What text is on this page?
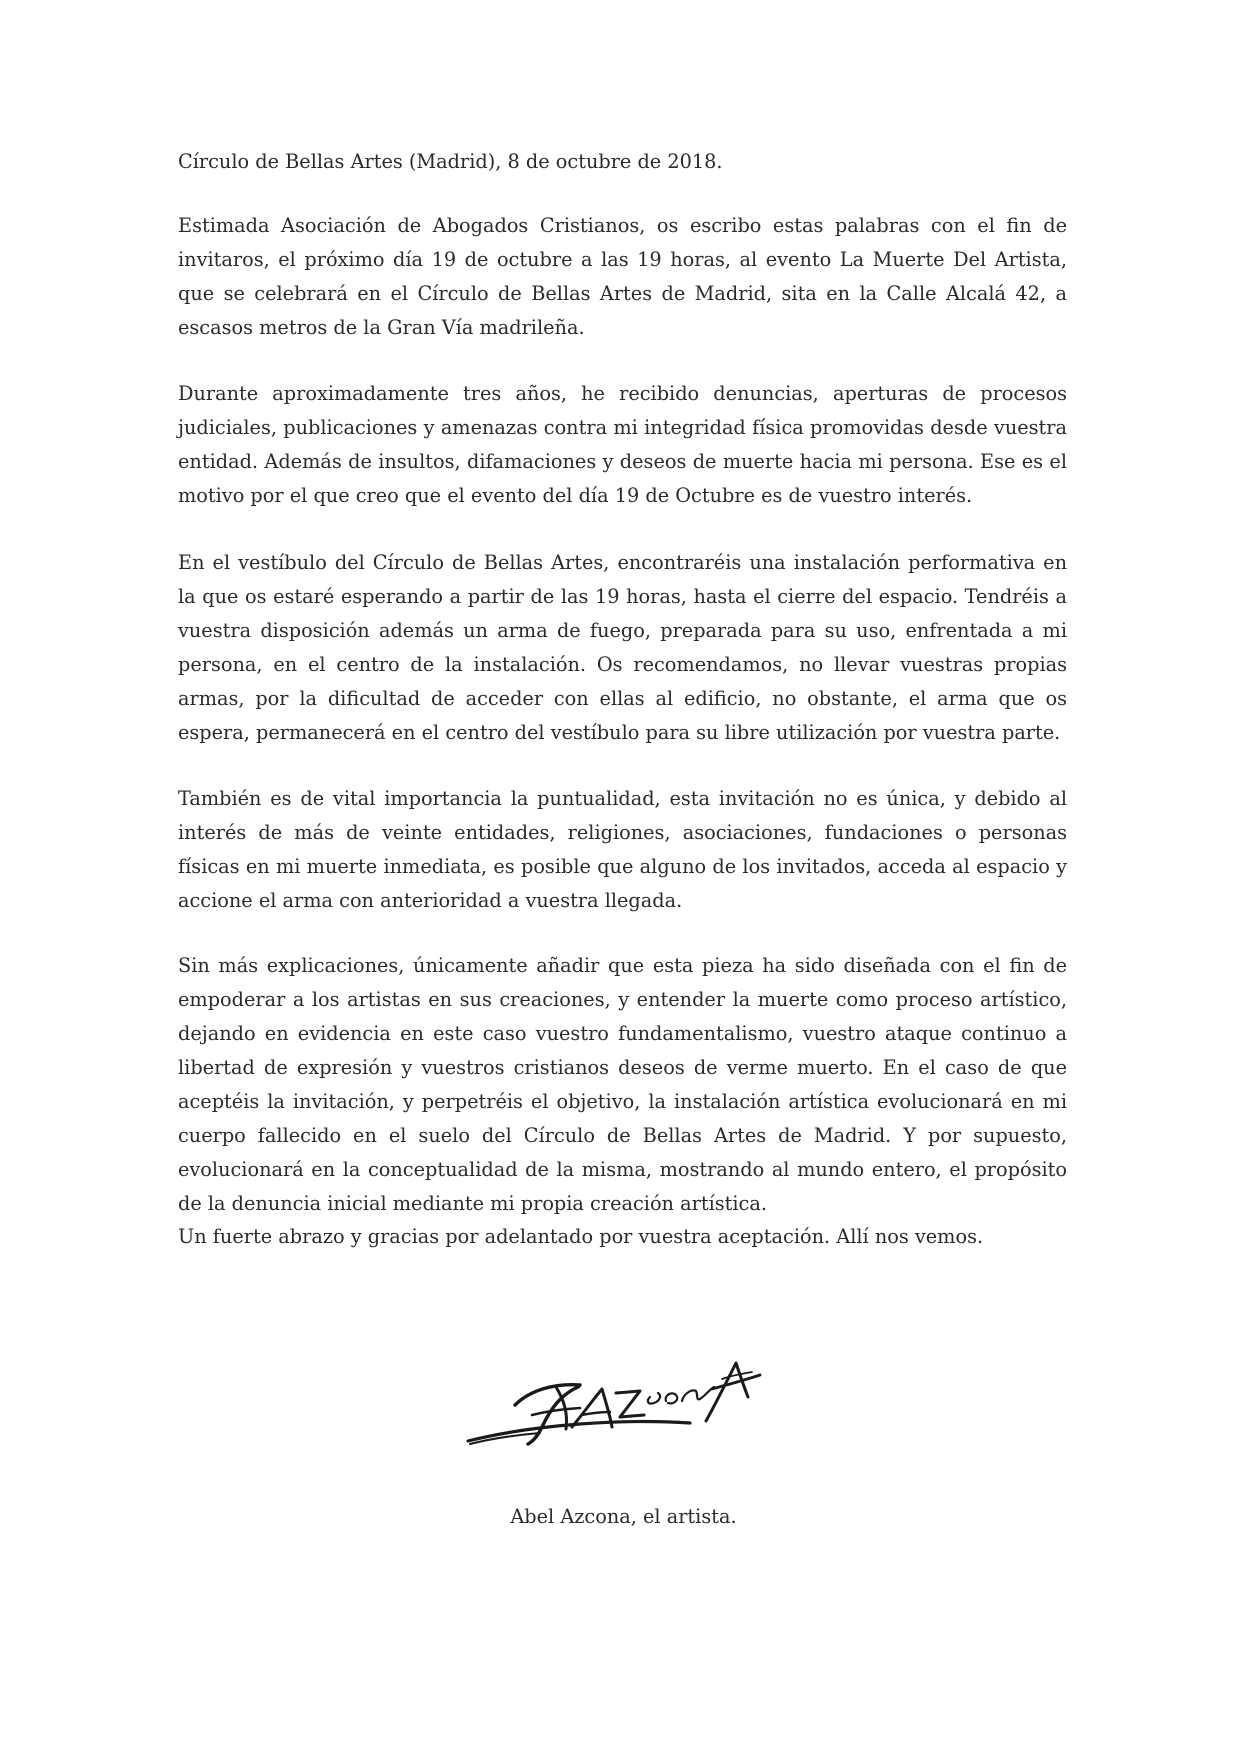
Círculo de Bellas Artes (Madrid), 8 de octubre de 2018.

Estimada Asociación de Abogados Cristianos, os escribo estas palabras con el fin de invitaros, el próximo día 19 de octubre a las 19 horas, al evento La Muerte Del Artista, que se celebrará en el Círculo de Bellas Artes de Madrid, sita en la Calle Alcalá 42, a escasos metros de la Gran Vía madrileña.

Durante aproximadamente tres años, he recibido denuncias, aperturas de procesos judiciales, publicaciones y amenazas contra mi integridad física promovidas desde vuestra entidad. Además de insultos, difamaciones y deseos de muerte hacia mi persona. Ese es el motivo por el que creo que el evento del día 19 de Octubre es de vuestro interés.

En el vestíbulo del Círculo de Bellas Artes, encontraréis una instalación performativa en la que os estaré esperando a partir de las 19 horas, hasta el cierre del espacio. Tendréis a vuestra disposición además un arma de fuego, preparada para su uso, enfrentada a mi persona, en el centro de la instalación. Os recomendamos, no llevar vuestras propias armas, por la dificultad de acceder con ellas al edificio, no obstante, el arma que os espera, permanecerá en el centro del vestíbulo para su libre utilización por vuestra parte.

También es de vital importancia la puntualidad, esta invitación no es única, y debido al interés de más de veinte entidades, religiones, asociaciones, fundaciones o personas físicas en mi muerte inmediata, es posible que alguno de los invitados, acceda al espacio y accione el arma con anterioridad a vuestra llegada.

Sin más explicaciones, únicamente añadir que esta pieza ha sido diseñada con el fin de empoderar a los artistas en sus creaciones, y entender la muerte como proceso artístico, dejando en evidencia en este caso vuestro fundamentalismo, vuestro ataque continuo a libertad de expresión y vuestros cristianos deseos de verme muerto. En el caso de que aceptéis la invitación, y perpetréis el objetivo, la instalación artística evolucionará en mi cuerpo fallecido en el suelo del Círculo de Bellas Artes de Madrid. Y por supuesto, evolucionará en la conceptualidad de la misma, mostrando al mundo entero, el propósito de la denuncia inicial mediante mi propia creación artística.

Un fuerte abrazo y gracias por adelantado por vuestra aceptación. Allí nos vemos.

Abel Azcona, el artista.
